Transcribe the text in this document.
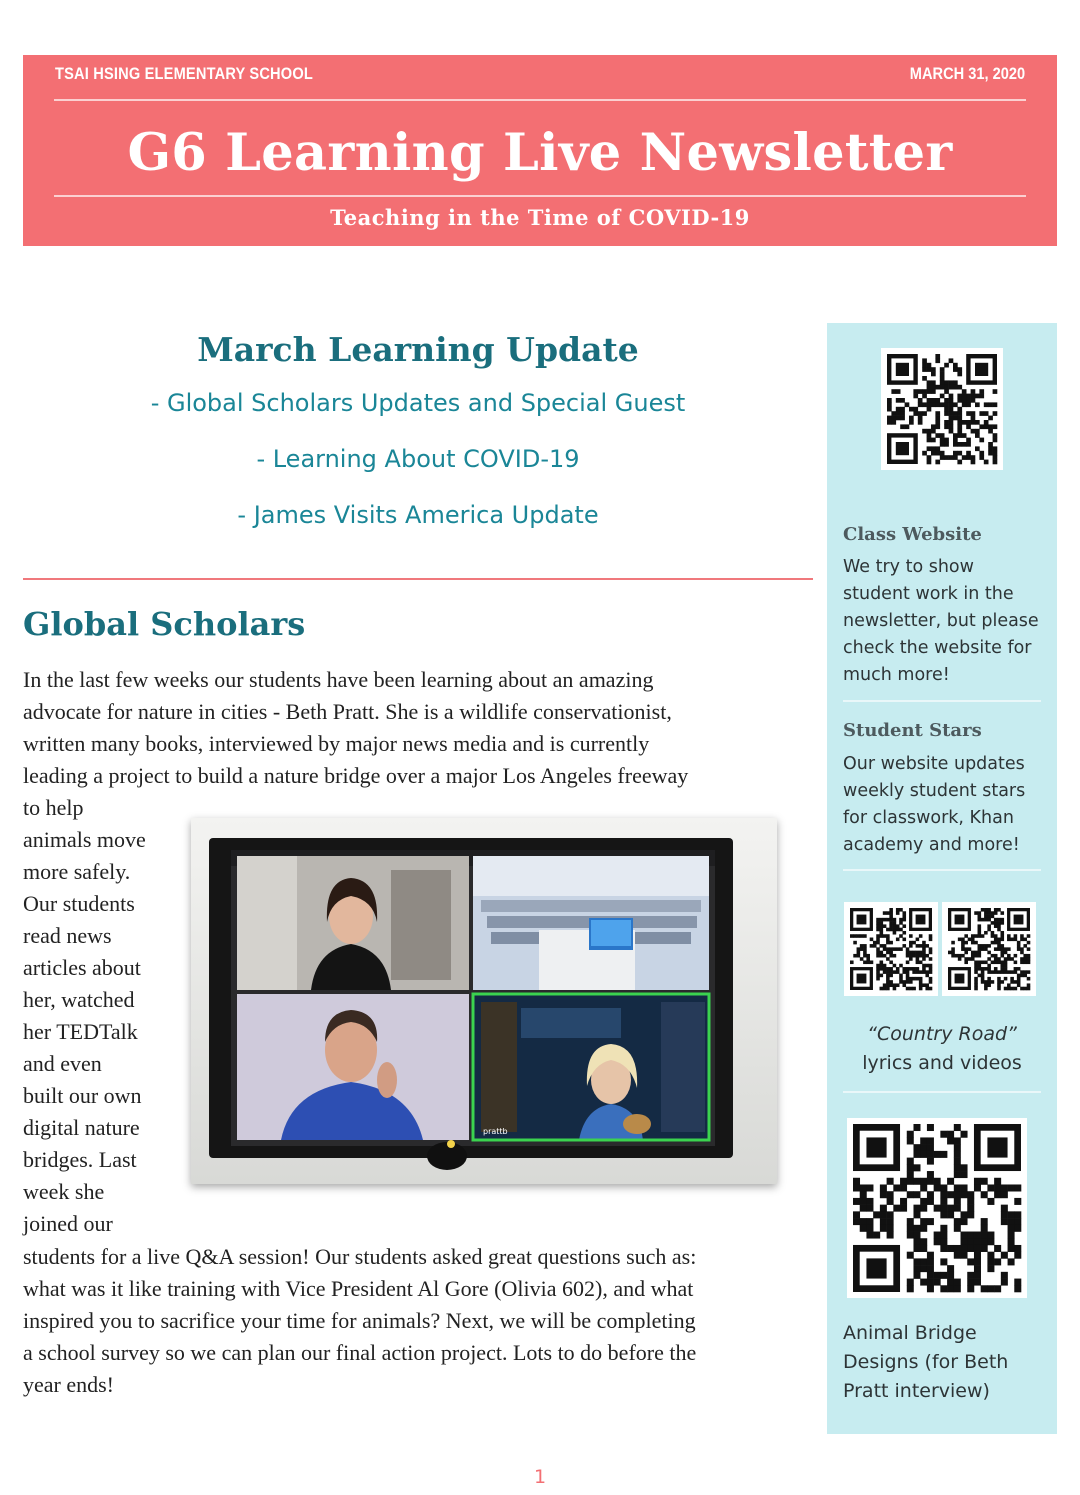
TSAI HSING ELEMENTARY SCHOOL	MARCH 31, 2020
G6 Learning Live Newsletter
Teaching in the Time of COVID-19
March Learning Update
- Global Scholars Updates and Special Guest
- Learning About COVID-19
- James Visits America Update
Global Scholars
In the last few weeks our students have been learning about an amazing
advocate for nature in cities - Beth Pratt. She is a wildlife conservationist,
written many books, interviewed by major news media and is currently
leading a project to build a nature bridge over a major Los Angeles freeway
to help
animals move
more safely.
Our students
read news
articles about
her, watched
her TEDTalk
and even
built our own
digital nature
bridges. Last
week she
joined our
students for a live Q&A session! Our students asked great questions such as:
what was it like training with Vice President Al Gore (Olivia 602), and what
inspired you to sacrifice your time for animals? Next, we will be completing
a school survey so we can plan our final action project. Lots to do before the
year ends!
prattb
Class Website
We try to show
student work in the
newsletter, but please
check the website for
much more!
Student Stars
Our website updates
weekly student stars
for classwork, Khan
academy and more!
“Country Road”
lyrics and videos
Animal Bridge
Designs (for Beth
Pratt interview)
1
